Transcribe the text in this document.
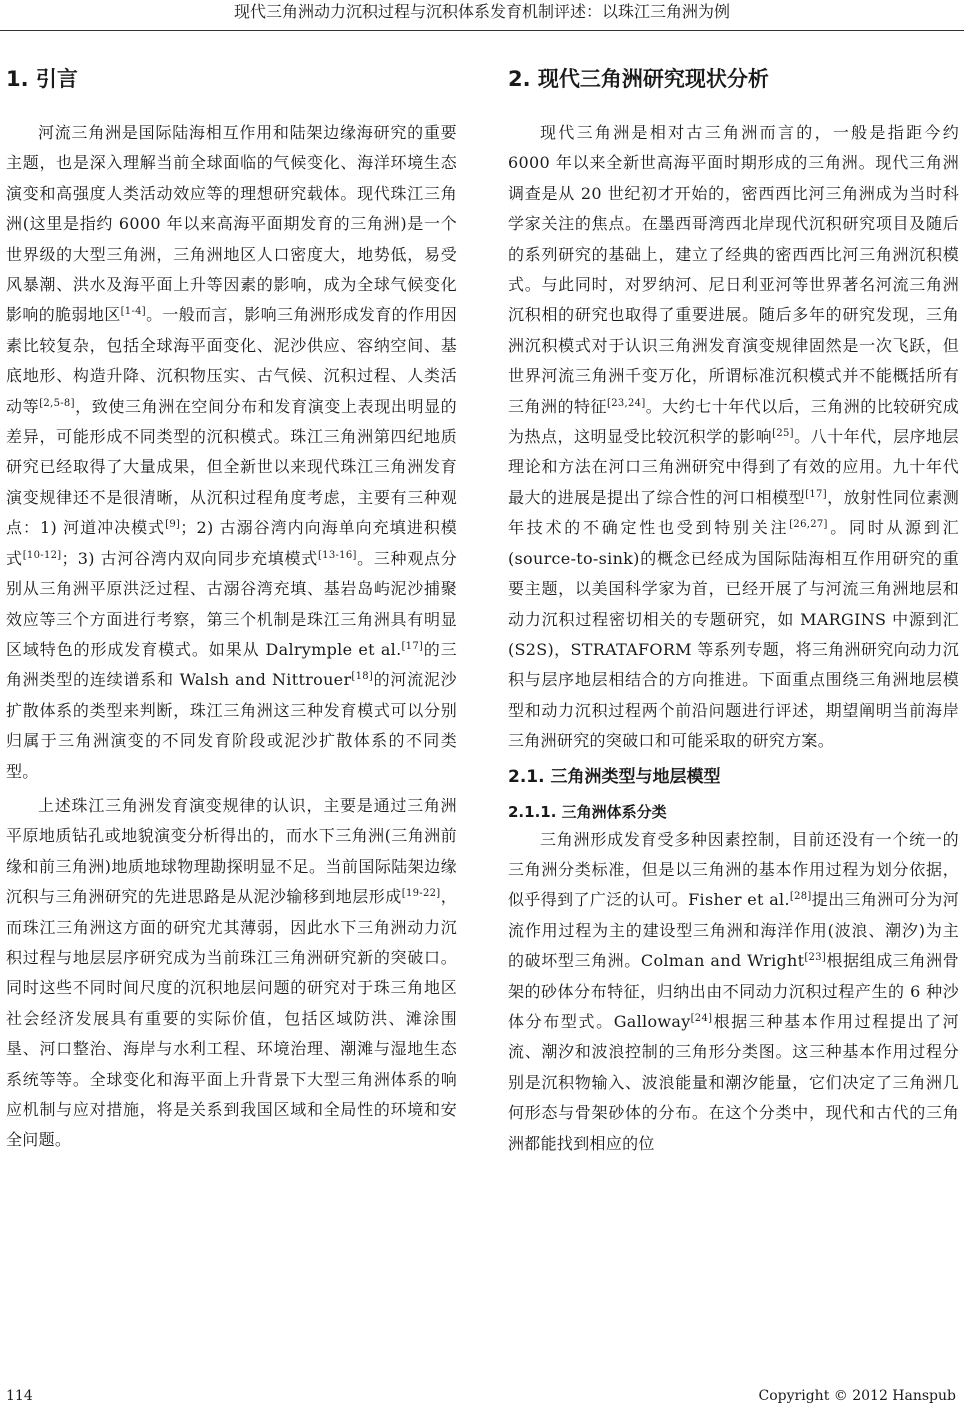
现代三角洲动力沉积过程与沉积体系发育机制评述：以珠江三角洲为例
1. 引言

河流三角洲是国际陆海相互作用和陆架边缘海研究的重要主题，也是深入理解当前全球面临的气候变化、海洋环境生态演变和高强度人类活动效应等的理想研究载体。现代珠江三角洲(这里是指约 6000 年以来高海平面期发育的三角洲)是一个世界级的大型三角洲，三角洲地区人口密度大，地势低，易受风暴潮、洪水及海平面上升等因素的影响，成为全球气候变化影响的脆弱地区[1-4]。一般而言，影响三角洲形成发育的作用因素比较复杂，包括全球海平面变化、泥沙供应、容纳空间、基底地形、构造升降、沉积物压实、古气候、沉积过程、人类活动等[2,5-8]，致使三角洲在空间分布和发育演变上表现出明显的差异，可能形成不同类型的沉积模式。珠江三角洲第四纪地质研究已经取得了大量成果，但全新世以来现代珠江三角洲发育演变规律还不是很清晰，从沉积过程角度考虑，主要有三种观点：1) 河道冲决模式[9]；2) 古溺谷湾内向海单向充填进积模式[10-12]；3) 古河谷湾内双向同步充填模式[13-16]。三种观点分别从三角洲平原洪泛过程、古溺谷湾充填、基岩岛屿泥沙捕聚效应等三个方面进行考察，第三个机制是珠江三角洲具有明显区域特色的形成发育模式。如果从 Dalrymple et al.[17]的三角洲类型的连续谱系和 Walsh and Nittrouer[18]的河流泥沙扩散体系的类型来判断，珠江三角洲这三种发育模式可以分别归属于三角洲演变的不同发育阶段或泥沙扩散体系的不同类型。

上述珠江三角洲发育演变规律的认识，主要是通过三角洲平原地质钻孔或地貌演变分析得出的，而水下三角洲(三角洲前缘和前三角洲)地质地球物理勘探明显不足。当前国际陆架边缘沉积与三角洲研究的先进思路是从泥沙输移到地层形成[19-22]，而珠江三角洲这方面的研究尤其薄弱，因此水下三角洲动力沉积过程与地层层序研究成为当前珠江三角洲研究新的突破口。同时这些不同时间尺度的沉积地层问题的研究对于珠三角地区社会经济发展具有重要的实际价值，包括区域防洪、滩涂围垦、河口整治、海岸与水利工程、环境治理、潮滩与湿地生态系统等等。全球变化和海平面上升背景下大型三角洲体系的响应机制与应对措施，将是关系到我国区域和全局性的环境和安全问题。

2. 现代三角洲研究现状分析

现代三角洲是相对古三角洲而言的，一般是指距今约 6000 年以来全新世高海平面时期形成的三角洲。现代三角洲调查是从 20 世纪初才开始的，密西西比河三角洲成为当时科学家关注的焦点。在墨西哥湾西北岸现代沉积研究项目及随后的系列研究的基础上，建立了经典的密西西比河三角洲沉积模式。与此同时，对罗纳河、尼日利亚河等世界著名河流三角洲沉积相的研究也取得了重要进展。随后多年的研究发现，三角洲沉积模式对于认识三角洲发育演变规律固然是一次飞跃，但世界河流三角洲千变万化，所谓标准沉积模式并不能概括所有三角洲的特征[23,24]。大约七十年代以后，三角洲的比较研究成为热点，这明显受比较沉积学的影响[25]。八十年代，层序地层理论和方法在河口三角洲研究中得到了有效的应用。九十年代最大的进展是提出了综合性的河口相模型[17]，放射性同位素测年技术的不确定性也受到特别关注[26,27]。同时从源到汇(source-to-sink)的概念已经成为国际陆海相互作用研究的重要主题，以美国科学家为首，已经开展了与河流三角洲地层和动力沉积过程密切相关的专题研究，如 MARGINS 中源到汇(S2S)，STRATAFORM 等系列专题，将三角洲研究向动力沉积与层序地层相结合的方向推进。下面重点围绕三角洲地层模型和动力沉积过程两个前沿问题进行评述，期望阐明当前海岸三角洲研究的突破口和可能采取的研究方案。

2.1. 三角洲类型与地层模型
2.1.1. 三角洲体系分类

三角洲形成发育受多种因素控制，目前还没有一个统一的三角洲分类标准，但是以三角洲的基本作用过程为划分依据，似乎得到了广泛的认可。Fisher et al.[28]提出三角洲可分为河流作用过程为主的建设型三角洲和海洋作用(波浪、潮汐)为主的破坏型三角洲。Colman and Wright[23]根据组成三角洲骨架的砂体分布特征，归纳出由不同动力沉积过程产生的 6 种沙体分布型式。Galloway[24]根据三种基本作用过程提出了河流、潮汐和波浪控制的三角形分类图。这三种基本作用过程分别是沉积物输入、波浪能量和潮汐能量，它们决定了三角洲几何形态与骨架砂体的分布。在这个分类中，现代和古代的三角洲都能找到相应的位

114	Copyright © 2012 Hanspub
